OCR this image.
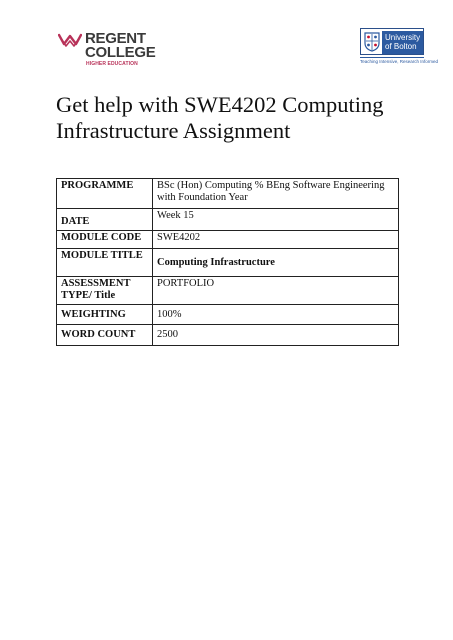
REGENT
COLLEGE
HIGHER EDUCATION
University
of Bolton
Teaching Intensive, Research Informed
Get help with SWE4202 Computing Infrastructure Assignment
PROGRAMME	BSc (Hon) Computing % BEng Software Engineering with Foundation Year
DATE	Week 15
MODULE CODE	SWE4202
MODULE TITLE	Computing Infrastructure
ASSESSMENT TYPE/ Title	PORTFOLIO
WEIGHTING	100%
WORD COUNT	2500
